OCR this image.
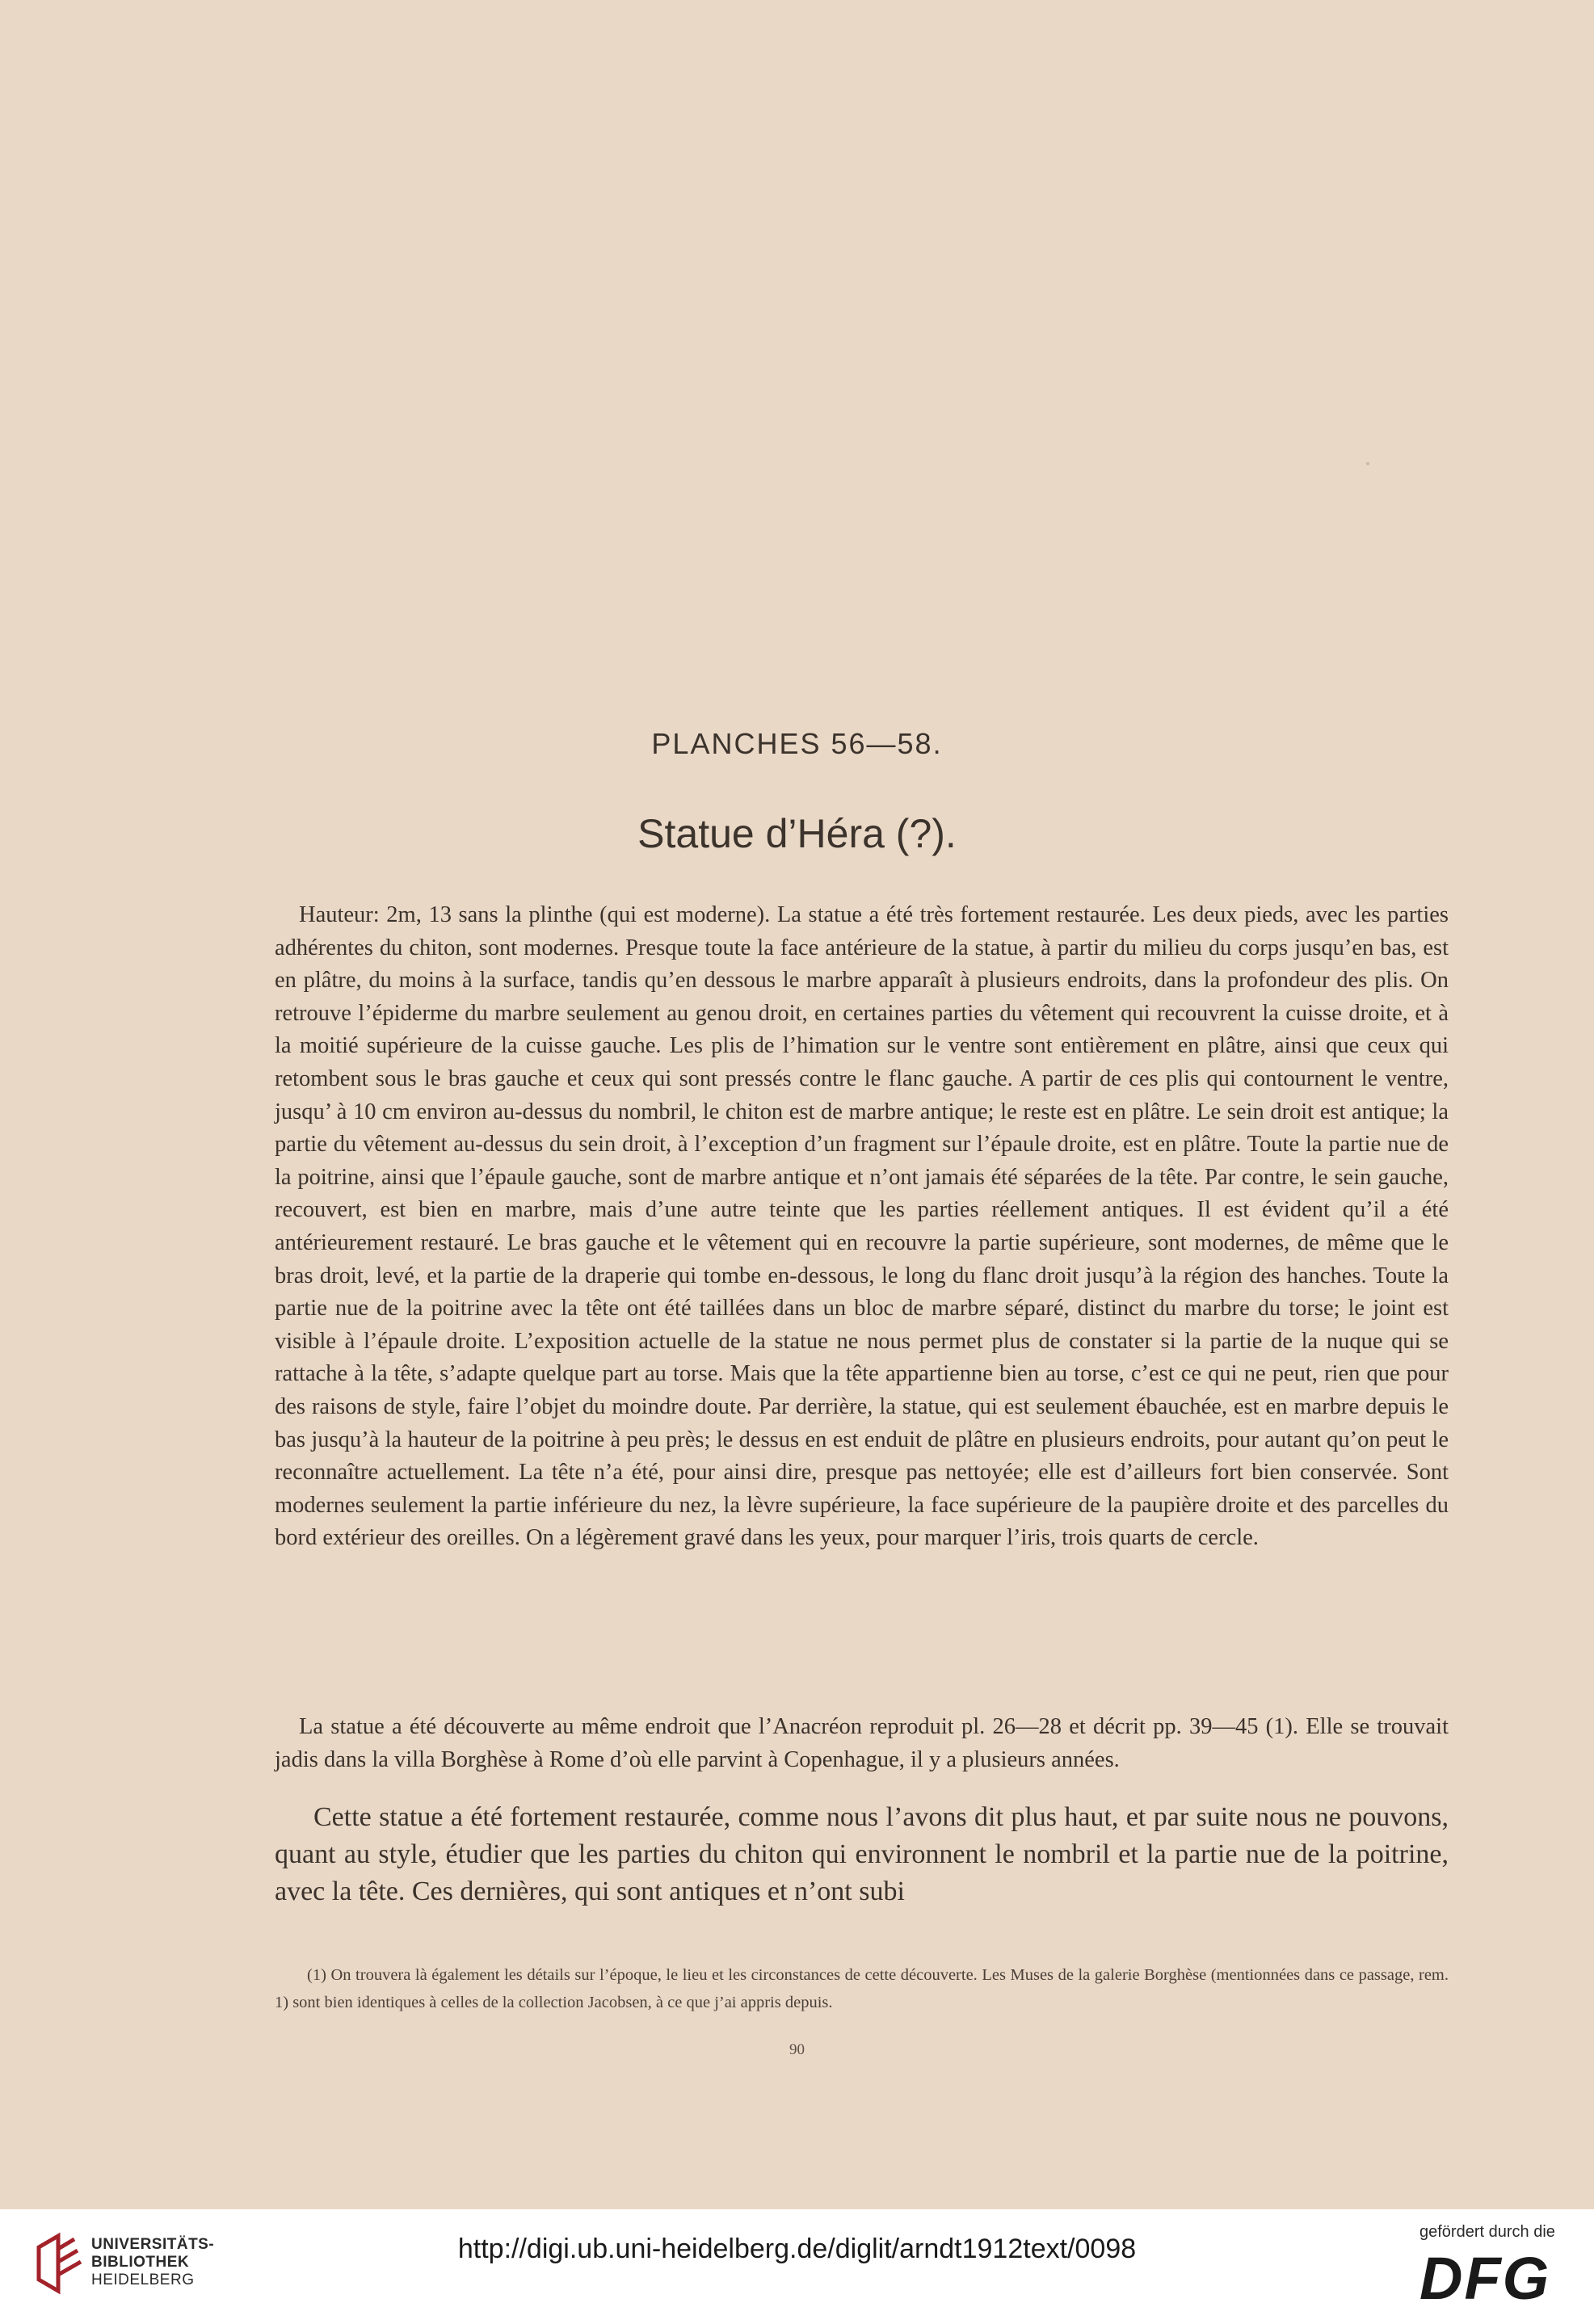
PLANCHES 56—58.
Statue d’Héra (?).

Hauteur: 2m, 13 sans la plinthe (qui est moderne). La statue a été très fortement restaurée. Les deux pieds, avec les parties adhérentes du chiton, sont modernes. Presque toute la face antérieure de la statue, à partir du milieu du corps jusqu’en bas, est en plâtre, du moins à la surface, tandis qu’en dessous le marbre apparaît à plusieurs endroits, dans la profondeur des plis. On retrouve l’épiderme du marbre seulement au genou droit, en certaines parties du vêtement qui recouvrent la cuisse droite, et à la moitié supérieure de la cuisse gauche. Les plis de l’himation sur le ventre sont entièrement en plâtre, ainsi que ceux qui retombent sous le bras gauche et ceux qui sont pressés contre le flanc gauche. A partir de ces plis qui contournent le ventre, jusqu’ à 10 cm environ au-dessus du nombril, le chiton est de marbre antique; le reste est en plâtre. Le sein droit est antique; la partie du vêtement au-dessus du sein droit, à l’exception d’un fragment sur l’épaule droite, est en plâtre. Toute la partie nue de la poitrine, ainsi que l’épaule gauche, sont de marbre antique et n’ont jamais été séparées de la tête. Par contre, le sein gauche, recouvert, est bien en marbre, mais d’une autre teinte que les parties réellement antiques. Il est évident qu’il a été antérieurement restauré. Le bras gauche et le vêtement qui en recouvre la partie supérieure, sont modernes, de même que le bras droit, levé, et la partie de la draperie qui tombe en-dessous, le long du flanc droit jusqu’à la région des hanches. Toute la partie nue de la poitrine avec la tête ont été taillées dans un bloc de marbre séparé, distinct du marbre du torse; le joint est visible à l’épaule droite. L’exposition actuelle de la statue ne nous permet plus de constater si la partie de la nuque qui se rattache à la tête, s’adapte quelque part au torse. Mais que la tête appartienne bien au torse, c’est ce qui ne peut, rien que pour des raisons de style, faire l’objet du moindre doute. Par derrière, la statue, qui est seulement ébauchée, est en marbre depuis le bas jusqu’à la hauteur de la poitrine à peu près; le dessus en est enduit de plâtre en plusieurs endroits, pour autant qu’on peut le reconnaître actuellement. La tête n’a été, pour ainsi dire, presque pas nettoyée; elle est d’ailleurs fort bien conservée. Sont modernes seulement la partie inférieure du nez, la lèvre supérieure, la face supérieure de la paupière droite et des parcelles du bord extérieur des oreilles. On a légèrement gravé dans les yeux, pour marquer l’iris, trois quarts de cercle.

La statue a été découverte au même endroit que l’Anacréon reproduit pl. 26—28 et décrit pp. 39—45 (1). Elle se trouvait jadis dans la villa Borghèse à Rome d’où elle parvint à Copenhague, il y a plusieurs années.

Cette statue a été fortement restaurée, comme nous l’avons dit plus haut, et par suite nous ne pouvons, quant au style, étudier que les parties du chiton qui environnent le nombril et la partie nue de la poitrine, avec la tête. Ces dernières, qui sont antiques et n’ont subi

(1) On trouvera là également les détails sur l’époque, le lieu et les circonstances de cette découverte. Les Muses de la galerie Borghèse (mentionnées dans ce passage, rem. 1) sont bien identiques à celles de la collection Jacobsen, à ce que j’ai appris depuis.

90
UNIVERSITÄTS-
BIBLIOTHEK
HEIDELBERG
http://digi.ub.uni-heidelberg.de/diglit/arndt1912text/0098
gefördert durch die
DFG
